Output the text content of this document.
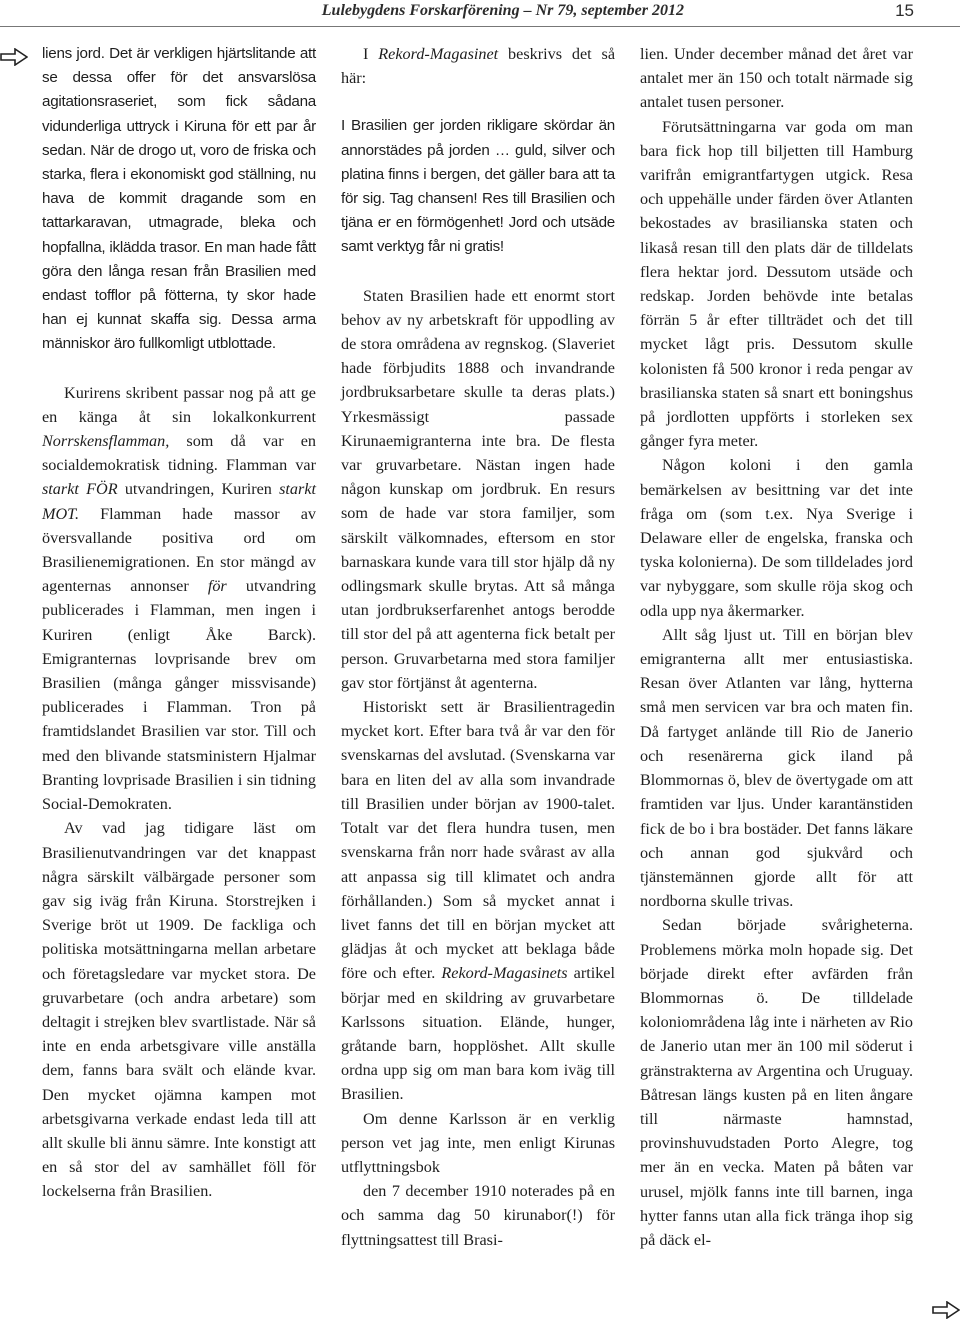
Lulebygdens Forskarförening – Nr 79, september 2012	15

liens jord. Det är verkligen hjärtslitande att se dessa offer för det ansvarslösa agitationsraseriet, som fick sådana vidunderliga uttryck i Kiruna för ett par år sedan. När de drogo ut, voro de friska och starka, flera i ekonomiskt god ställning, nu hava de kommit dragande som en tattarkaravan, utmagrade, bleka och hopfallna, iklädda trasor. En man hade fått göra den långa resan från Brasilien med endast tofflor på fötterna, ty skor hade han ej kunnat skaffa sig. Dessa arma människor äro fullkomligt utblottade.

Kurirens skribent passar nog på att ge en känga åt sin lokalkonkurrent Norrskensflamman, som då var en socialdemokratisk tidning. Flamman var starkt FÖR utvandringen, Kuriren starkt MOT. Flamman hade massor av översvallande positiva ord om Brasilienemigrationen. En stor mängd av agenternas annonser för utvandring publicerades i Flamman, men ingen i Kuriren (enligt Åke Barck). Emigranternas lovprisande brev om Brasilien (många gånger missvisande) publicerades i Flamman. Tron på framtidslandet Brasilien var stor. Till och med den blivande statsministern Hjalmar Branting lovprisade Brasilien i sin tidning Social-Demokraten.

Av vad jag tidigare läst om Brasilienutvandringen var det knappast några särskilt välbärgade personer som gav sig iväg från Kiruna. Storstrejken i Sverige bröt ut 1909. De fackliga och politiska motsättningarna mellan arbetare och företagsledare var mycket stora. De gruvarbetare (och andra arbetare) som deltagit i strejken blev svartlistade. När så inte en enda arbetsgivare ville anställa dem, fanns bara svält och elände kvar. Den mycket ojämna kampen mot arbetsgivarna verkade endast leda till att allt skulle bli ännu sämre. Inte konstigt att en så stor del av samhället föll för lockelserna från Brasilien.

I Rekord-Magasinet beskrivs det så här:

I Brasilien ger jorden rikligare skördar än annorstädes på jorden … guld, silver och platina finns i bergen, det gäller bara att ta för sig. Tag chansen! Res till Brasilien och tjäna er en förmögenhet! Jord och utsäde samt verktyg får ni gratis!

Staten Brasilien hade ett enormt stort behov av ny arbetskraft för uppodling av de stora områdena av regnskog. (Slaveriet hade förbjudits 1888 och invandrande jordbruksarbetare skulle ta deras plats.) Yrkesmässigt passade Kirunaemigranterna inte bra. De flesta var gruvarbetare. Nästan ingen hade någon kunskap om jordbruk. En resurs som de hade var stora familjer, som särskilt välkomnades, eftersom en stor barnaskara kunde vara till stor hjälp då ny odlingsmark skulle brytas. Att så många utan jordbrukserfarenhet antogs berodde till stor del på att agenterna fick betalt per person. Gruvarbetarna med stora familjer gav stor förtjänst åt agenterna.

Historiskt sett är Brasilientragedin mycket kort. Efter bara två år var den för svenskarnas del avslutad. (Svenskarna var bara en liten del av alla som invandrade till Brasilien under början av 1900-talet. Totalt var det flera hundra tusen, men svenskarna från norr hade svårast av alla att anpassa sig till klimatet och andra förhållanden.) Som så mycket annat i livet fanns det till en början mycket att glädjas åt och mycket att beklaga både före och efter. Rekord-Magasinets artikel börjar med en skildring av gruvarbetare Karlssons situation. Elände, hunger, gråtande barn, hopplöshet. Allt skulle ordna upp sig om man bara kom iväg till Brasilien.

Om denne Karlsson är en verklig person vet jag inte, men enligt Kirunas utflyttningsbok

den 7 december 1910 noterades på en och samma dag 50 kirunabor(!) för flyttningsattest till Brasi-

lien. Under december månad det året var antalet mer än 150 och totalt närmade sig antalet tusen personer.

Förutsättningarna var goda om man bara fick hop till biljetten till Hamburg varifrån emigrantfartygen utgick. Resa och uppehälle under färden över Atlanten bekostades av brasilianska staten och likaså resan till den plats där de tilldelats flera hektar jord. Dessutom utsäde och redskap. Jorden behövde inte betalas förrän 5 år efter tillträdet och det till mycket lågt pris. Dessutom skulle kolonisten få 500 kronor i reda pengar av brasilianska staten så snart ett boningshus på jordlotten uppförts i storleken sex gånger fyra meter.

Någon koloni i den gamla bemärkelsen av besittning var det inte fråga om (som t.ex. Nya Sverige i Delaware eller de engelska, franska och tyska kolonierna). De som tilldelades jord var nybyggare, som skulle röja skog och odla upp nya åkermarker.

Allt såg ljust ut. Till en början blev emigranterna allt mer entusiastiska. Resan över Atlanten var lång, hytterna små men servicen var bra och maten fin. Då fartyget anlände till Rio de Janerio och resenärerna gick iland på Blommornas ö, blev de övertygade om att framtiden var ljus. Under karantänstiden fick de bo i bra bostäder. Det fanns läkare och annan god sjukvård och tjänstemännen gjorde allt för att nordborna skulle trivas.

Sedan började svårigheterna. Problemens mörka moln hopade sig. Det började direkt efter avfärden från Blommornas ö. De tilldelade koloniområdena låg inte i närheten av Rio de Janerio utan mer än 100 mil söderut i gränstrakterna av Argentina och Uruguay. Båtresan längs kusten på en liten ångare till närmaste hamnstad, provinshuvudstaden Porto Alegre, tog mer än en vecka. Maten på båten var urusel, mjölk fanns inte till barnen, inga hytter fanns utan alla fick tränga ihop sig på däck el-
